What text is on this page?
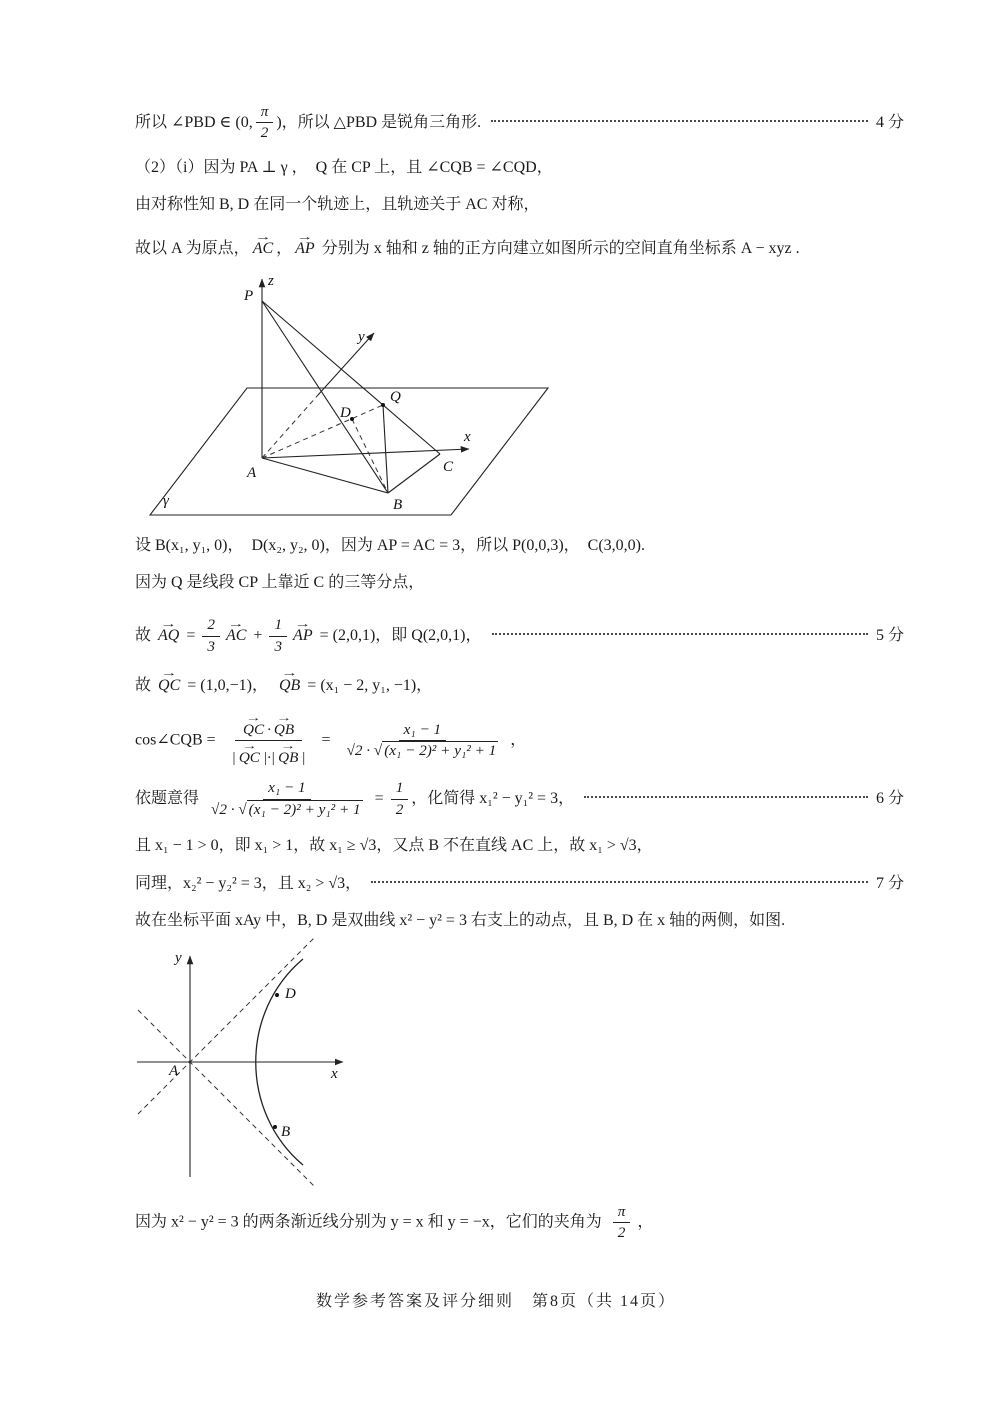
所以 ∠PBD ∈ (0, $\frac{\pi}{2}$ )，所以 △PBD 是锐角三角形.	4 分
（2）（i）因为 PA ⊥ γ ，  Q 在 CP 上，且 ∠CQB = ∠CQD，
由对称性知 B, D 在同一个轨迹上，且轨迹关于 AC 对称，
故以 A 为原点， AC → ， AP → 分别为 x 轴和 z 轴的正方向建立如图所示的空间直角坐标系 A − xyz .
z
y
x
P
Q
D
A
B
C
γ
设 B(x₁, y₁, 0)，  D(x₂, y₂, 0)，因为 AP = AC = 3，所以 P(0,0,3)，  C(3,0,0).
因为 Q 是线段 CP 上靠近 C 的三等分点，
故 AQ → = $\frac{2}{3}$ AC → + $\frac{1}{3}$ AP → = (2,0,1)，即 Q(2,0,1)，	5 分
故 QC → = (1,0,−1)，  QB → = (x₁ − 2, y₁, −1)，
cos∠CQB = $\frac{QC \to \cdot QB \to}{| QC \to |\cdot| QB \to |} = \frac{\text{x₁ − 1}}{\text{√2 · √ (x₁ − 2)² + y₁² + 1}}$ ，
依题意得 $\frac{\text{x₁ − 1}}{\text{√2 · √ (x₁ − 2)² + y₁² + 1}} = \frac{1}{2}$ ，化简得 x₁² − y₁² = 3，	6 分
且 x₁ − 1 > 0，即 x₁ > 1，故 x₁ ≥ √3，又点 B 不在直线 AC 上，故 x₁ > √3，
同理，x₂² − y₂² = 3，且 x₂ > √3，	7 分
故在坐标平面 xAy 中，B, D 是双曲线 x² − y² = 3 右支上的动点，且 B, D 在 x 轴的两侧，如图.
y
x
A
D
B
因为 x² − y² = 3 的两条渐近线分别为 y = x 和 y = −x，它们的夹角为 $\frac{\pi}{2}$ ，
数学参考答案及评分细则　第8页（共 14页）
